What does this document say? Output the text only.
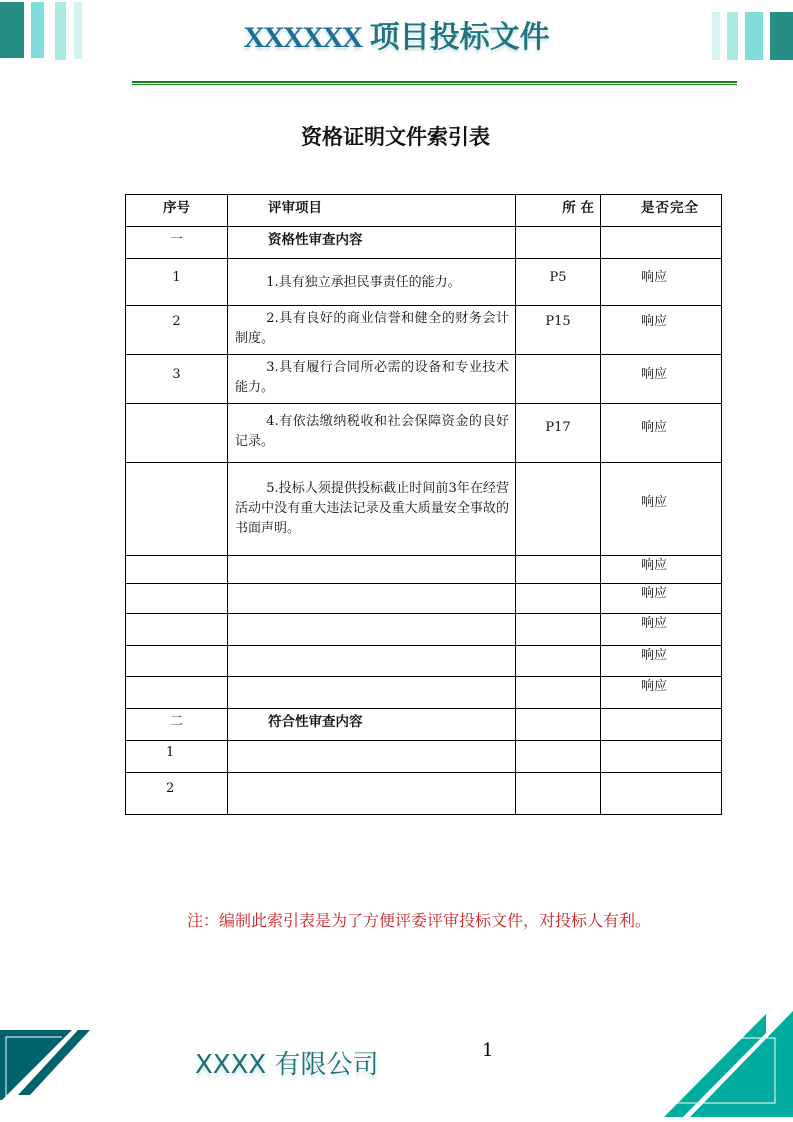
XXXXXX 项目投标文件
资格证明文件索引表
序号	评审项目	所 在	是否完全
一	资格性审查内容		
1	1.具有独立承担民事责任的能力。	P5	响应
2	2.具有良好的商业信誉和健全的财务会计制度。	P15	响应
3	3.具有履行合同所必需的设备和专业技术能力。		响应
	4.有依法缴纳税收和社会保障资金的良好记录。	P17	响应
	5.投标人须提供投标截止时间前3年在经营活动中没有重大违法记录及重大质量安全事故的书面声明。		响应
			响应
			响应
			响应
			响应
			响应
二	符合性审查内容		
1			
2			
注：编制此索引表是为了方便评委评审投标文件，对投标人有利。
XXXX 有限公司	1
